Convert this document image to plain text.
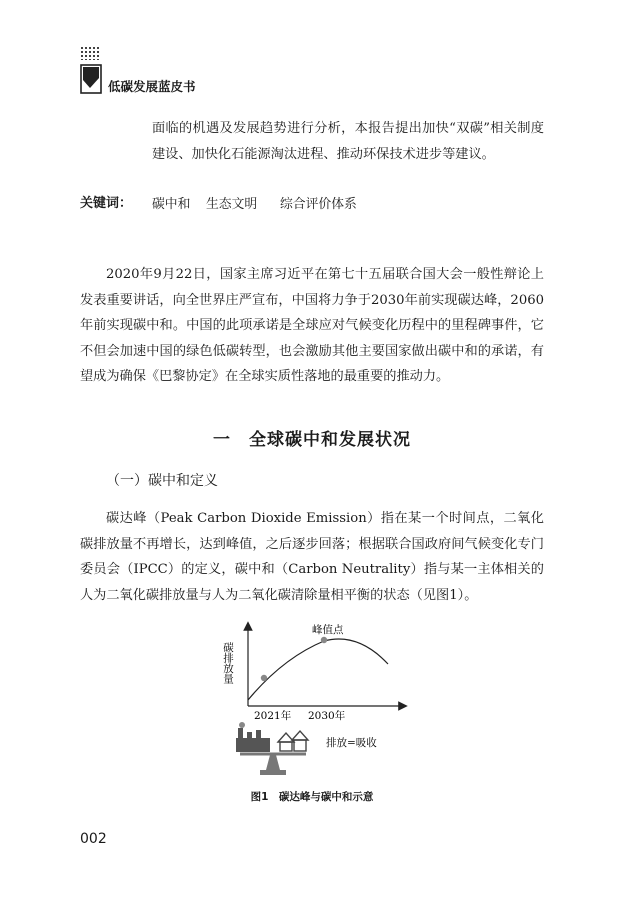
低碳发展蓝皮书
面临的机遇及发展趋势进行分析，本报告提出加快“双碳”相关制度建设、加快化石能源淘汰进程、推动环保技术进步等建议。
关键词： 碳中和 生态文明 综合评价体系
2020年9月22日，国家主席习近平在第七十五届联合国大会一般性辩论上发表重要讲话，向全世界庄严宣布，中国将力争于2030年前实现碳达峰，2060年前实现碳中和。中国的此项承诺是全球应对气候变化历程中的里程碑事件，它不但会加速中国的绿色低碳转型，也会激励其他主要国家做出碳中和的承诺，有望成为确保《巴黎协定》在全球实质性落地的最重要的推动力。
一　全球碳中和发展状况
（一）碳中和定义
碳达峰（Peak Carbon Dioxide Emission）指在某一个时间点，二氧化碳排放量不再增长，达到峰值，之后逐步回落；根据联合国政府间气候变化专门委员会（IPCC）的定义，碳中和（Carbon Neutrality）指与某一主体相关的人为二氧化碳排放量与人为二氧化碳清除量相平衡的状态（见图1）。
碳排放量
峰值点
2021年 2030年
排放=吸收
图1　碳达峰与碳中和示意
002
